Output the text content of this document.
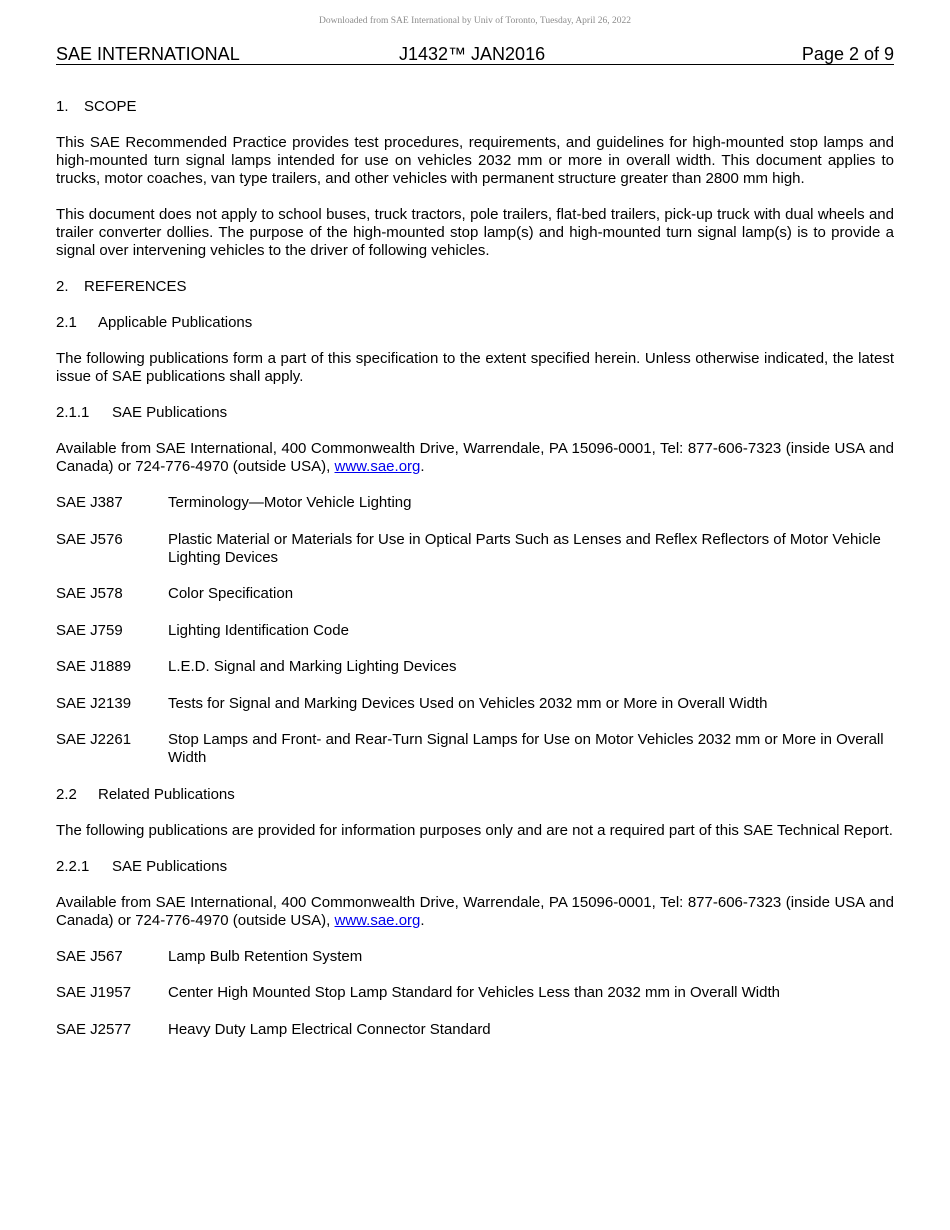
Downloaded from SAE International by Univ of Toronto, Tuesday, April 26, 2022
SAE INTERNATIONAL	J1432™ JAN2016	Page 2 of 9
1. SCOPE

This SAE Recommended Practice provides test procedures, requirements, and guidelines for high-mounted stop lamps and high-mounted turn signal lamps intended for use on vehicles 2032 mm or more in overall width. This document applies to trucks, motor coaches, van type trailers, and other vehicles with permanent structure greater than 2800 mm high.

This document does not apply to school buses, truck tractors, pole trailers, flat-bed trailers, pick-up truck with dual wheels and trailer converter dollies. The purpose of the high-mounted stop lamp(s) and high-mounted turn signal lamp(s) is to provide a signal over intervening vehicles to the driver of following vehicles.

2. REFERENCES
2.1 Applicable Publications

The following publications form a part of this specification to the extent specified herein. Unless otherwise indicated, the latest issue of SAE publications shall apply.

2.1.1 SAE Publications

Available from SAE International, 400 Commonwealth Drive, Warrendale, PA 15096-0001, Tel: 877-606-7323 (inside USA and Canada) or 724-776-4970 (outside USA), www.sae.org.

SAE J387	Terminology—Motor Vehicle Lighting
SAE J576	Plastic Material or Materials for Use in Optical Parts Such as Lenses and Reflex Reflectors of Motor Vehicle Lighting Devices
SAE J578	Color Specification
SAE J759	Lighting Identification Code
SAE J1889	L.E.D. Signal and Marking Lighting Devices
SAE J2139	Tests for Signal and Marking Devices Used on Vehicles 2032 mm or More in Overall Width
SAE J2261	Stop Lamps and Front- and Rear-Turn Signal Lamps for Use on Motor Vehicles 2032 mm or More in Overall Width
2.2 Related Publications

The following publications are provided for information purposes only and are not a required part of this SAE Technical Report.

2.2.1 SAE Publications

Available from SAE International, 400 Commonwealth Drive, Warrendale, PA 15096-0001, Tel: 877-606-7323 (inside USA and Canada) or 724-776-4970 (outside USA), www.sae.org.

SAE J567	Lamp Bulb Retention System
SAE J1957	Center High Mounted Stop Lamp Standard for Vehicles Less than 2032 mm in Overall Width
SAE J2577	Heavy Duty Lamp Electrical Connector Standard
